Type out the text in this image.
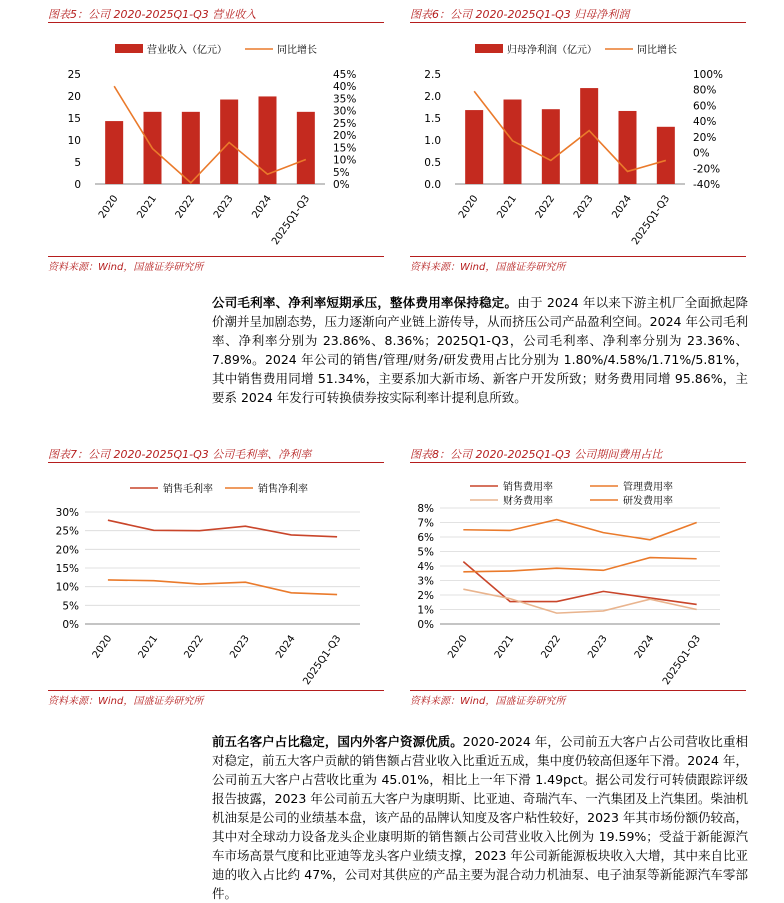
图表5：公司 2020-2025Q1-Q3 营业收入	图表6：公司 2020-2025Q1-Q3 归母净利润
营业收入（亿元）	同比增长
0
5
10
15
20
25
0%
5%
10%
15%
20%
25%
30%
35%
40%
45%
2020 2021 2022 2023 2024
2025Q1-Q3
归母净利润（亿元）	同比增长
0.0
0.5
1.0
1.5
2.0
2.5
-40%
-20%
0%
20%
40%
60%
80%
100%
2020 2021 2022 2023 2024
2025Q1-Q3
资料来源：Wind，国盛证券研究所	资料来源：Wind，国盛证券研究所
公司毛利率、净利率短期承压，整体费用率保持稳定。由于 2024 年以来下游主机厂全面掀起降价潮并呈加剧态势，压力逐渐向产业链上游传导，从而挤压公司产品盈利空间。2024 年公司毛利率、净利率分别为 23.86%、8.36%；2025Q1-Q3，公司毛利率、净利率分别为 23.36%、7.89%。2024 年公司的销售/管理/财务/研发费用占比分别为 1.80%/4.58%/1.71%/5.81%，其中销售费用同增 51.34%，主要系加大新市场、新客户开发所致；财务费用同增 95.86%，主要系 2024 年发行可转换债券按实际利率计提利息所致。
图表7：公司 2020-2025Q1-Q3 公司毛利率、净利率	图表8：公司 2020-2025Q1-Q3 公司期间费用占比
0%
5%
10%
15%
20%
25%
30%
销售毛利率	销售净利率
2020 2021 2022 2023 2024 2025Q1-Q3
0%
1%
2%
3%
4%
5%
6%
7%
8%
销售费用率	管理费用率
财务费用率	研发费用率
2020 2021 2022 2023 2024 2025Q1-Q3
资料来源：Wind，国盛证券研究所	资料来源：Wind，国盛证券研究所
前五名客户占比稳定，国内外客户资源优质。2020-2024 年，公司前五大客户占公司营收比重相对稳定，前五大客户贡献的销售额占营业收入比重近五成，集中度仍较高但逐年下滑。2024 年，公司前五大客户占营收比重为 45.01%，相比上一年下滑 1.49pct。据公司发行可转债跟踪评级报告披露，2023 年公司前五大客户为康明斯、比亚迪、奇瑞汽车、一汽集团及上汽集团。柴油机机油泵是公司的业绩基本盘，该产品的品牌认知度及客户粘性较好，2023 年其市场份额仍较高，其中对全球动力设备龙头企业康明斯的销售额占公司营业收入比例为 19.59%；受益于新能源汽车市场高景气度和比亚迪等龙头客户业绩支撑，2023 年公司新能源板块收入大增，其中来自比亚迪的收入占比约 47%，公司对其供应的产品主要为混合动力机油泵、电子油泵等新能源汽车零部件。
